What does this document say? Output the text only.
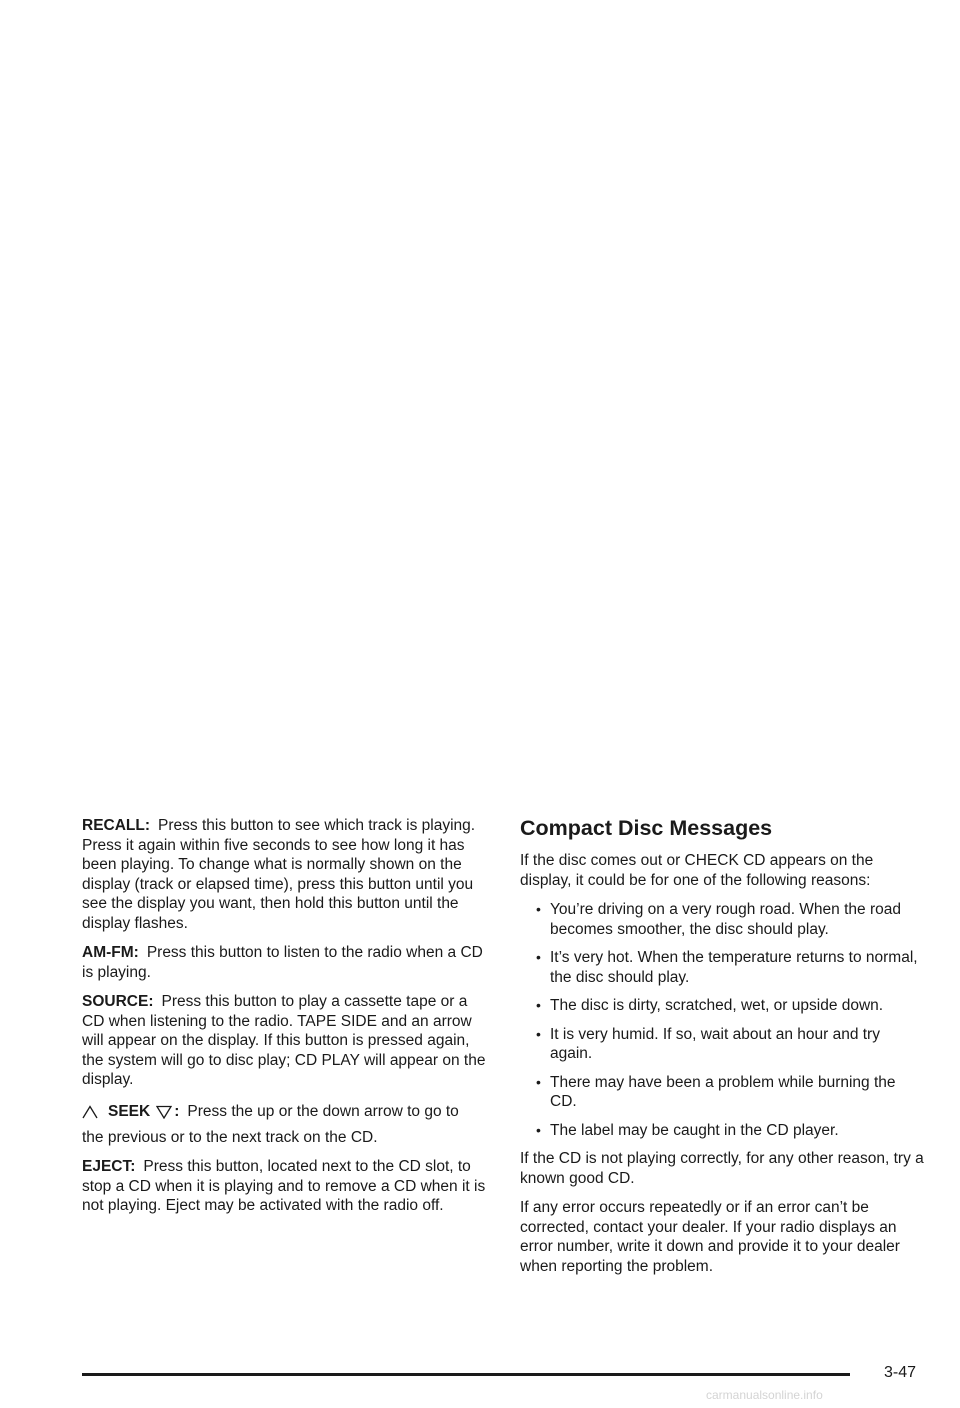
RECALL: Press this button to see which track is playing. Press it again within five seconds to see how long it has been playing. To change what is normally shown on the display (track or elapsed time), press this button until you see the display you want, then hold this button until the display flashes.

AM-FM: Press this button to listen to the radio when a CD is playing.

SOURCE: Press this button to play a cassette tape or a CD when listening to the radio. TAPE SIDE and an arrow will appear on the display. If this button is pressed again, the system will go to disc play; CD PLAY will appear on the display.

SEEK : Press the up or the down arrow to go to
the previous or to the next track on the CD.

EJECT: Press this button, located next to the CD slot, to stop a CD when it is playing and to remove a CD when it is not playing. Eject may be activated with the radio off.

Compact Disc Messages

If the disc comes out or CHECK CD appears on the display, it could be for one of the following reasons:

• You’re driving on a very rough road. When the road becomes smoother, the disc should play.
• It’s very hot. When the temperature returns to normal, the disc should play.
• The disc is dirty, scratched, wet, or upside down.
• It is very humid. If so, wait about an hour and try again.
• There may have been a problem while burning the CD.
• The label may be caught in the CD player.

If the CD is not playing correctly, for any other reason, try a known good CD.

If any error occurs repeatedly or if an error can’t be corrected, contact your dealer. If your radio displays an error number, write it down and provide it to your dealer when reporting the problem.

3-47
carmanualsonline.info
